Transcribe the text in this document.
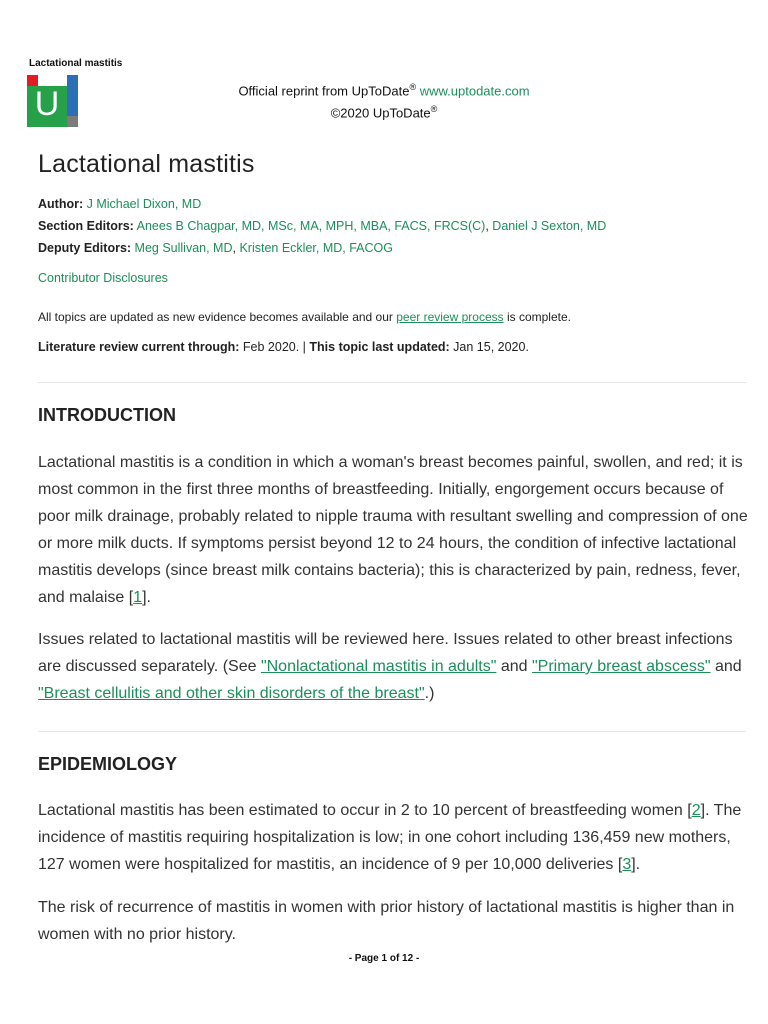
Lactational mastitis
U	Official reprint from UpToDate® www.uptodate.com
©2020 UpToDate®
Lactational mastitis
Author: J Michael Dixon, MD
Section Editors: Anees B Chagpar, MD, MSc, MA, MPH, MBA, FACS, FRCS(C), Daniel J Sexton, MD
Deputy Editors: Meg Sullivan, MD, Kristen Eckler, MD, FACOG
Contributor Disclosures
All topics are updated as new evidence becomes available and our peer review process is complete.
Literature review current through: Feb 2020. | This topic last updated: Jan 15, 2020.
INTRODUCTION

Lactational mastitis is a condition in which a woman's breast becomes painful, swollen, and red; it is most common in the first three months of breastfeeding. Initially, engorgement occurs because of poor milk drainage, probably related to nipple trauma with resultant swelling and compression of one or more milk ducts. If symptoms persist beyond 12 to 24 hours, the condition of infective lactational mastitis develops (since breast milk contains bacteria); this is characterized by pain, redness, fever, and malaise [1].

Issues related to lactational mastitis will be reviewed here. Issues related to other breast infections are discussed separately. (See "Nonlactational mastitis in adults" and "Primary breast abscess" and "Breast cellulitis and other skin disorders of the breast".)

EPIDEMIOLOGY

Lactational mastitis has been estimated to occur in 2 to 10 percent of breastfeeding women [2]. The incidence of mastitis requiring hospitalization is low; in one cohort including 136,459 new mothers, 127 women were hospitalized for mastitis, an incidence of 9 per 10,000 deliveries [3].

The risk of recurrence of mastitis in women with prior history of lactational mastitis is higher than in women with no prior history.

- Page 1 of 12 -
